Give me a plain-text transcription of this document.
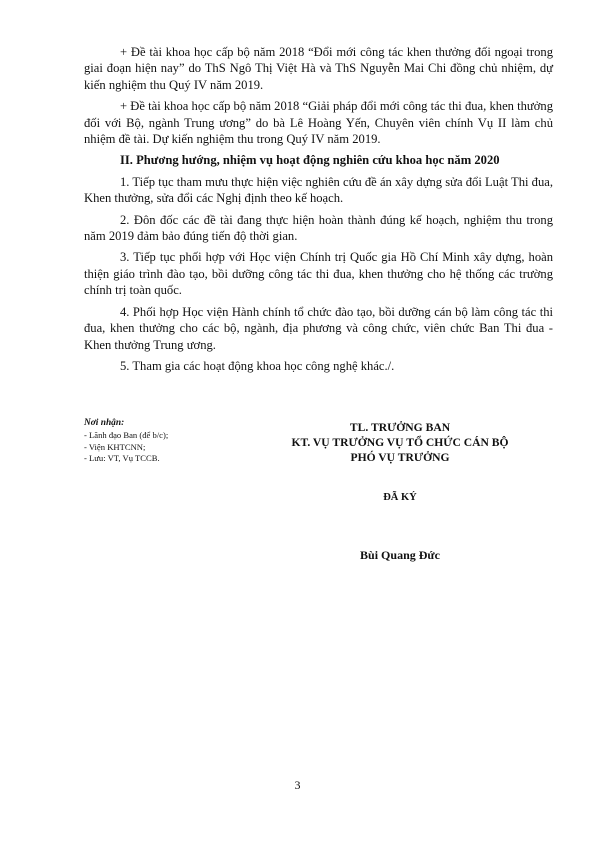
+ Đề tài khoa học cấp bộ năm 2018 “Đổi mới công tác khen thưởng đối ngoại trong giai đoạn hiện nay” do ThS Ngô Thị Việt Hà và ThS Nguyễn Mai Chi đồng chủ nhiệm, dự kiến nghiệm thu Quý IV năm 2019.

+ Đề tài khoa học cấp bộ năm 2018 “Giải pháp đổi mới công tác thi đua, khen thưởng đối với Bộ, ngành Trung ương” do bà Lê Hoàng Yến, Chuyên viên chính Vụ II làm chủ nhiệm đề tài. Dự kiến nghiệm thu trong Quý IV năm 2019.

II. Phương hướng, nhiệm vụ hoạt động nghiên cứu khoa học năm 2020

1. Tiếp tục tham mưu thực hiện việc nghiên cứu đề án xây dựng sửa đổi Luật Thi đua, Khen thưởng, sửa đổi các Nghị định theo kế hoạch.

2. Đôn đốc các đề tài đang thực hiện hoàn thành đúng kế hoạch, nghiệm thu trong năm 2019 đảm bảo đúng tiến độ thời gian.

3. Tiếp tục phối hợp với Học viện Chính trị Quốc gia Hồ Chí Minh xây dựng, hoàn thiện giáo trình đào tạo, bồi dưỡng công tác thi đua, khen thưởng cho hệ thống các trường chính trị toàn quốc.

4. Phối hợp Học viện Hành chính tổ chức đào tạo, bồi dưỡng cán bộ làm công tác thi đua, khen thưởng cho các bộ, ngành, địa phương và công chức, viên chức Ban Thi đua - Khen thưởng Trung ương.

5. Tham gia các hoạt động khoa học công nghệ khác./.

Nơi nhận:
- Lãnh đạo Ban (để b/c);
- Viện KHTCNN;
- Lưu: VT, Vụ TCCB.
TL. TRƯỞNG BAN
KT. VỤ TRƯỞNG VỤ TỔ CHỨC CÁN BỘ
PHÓ VỤ TRƯỞNG
ĐÃ KÝ
Bùi Quang Đức
3
